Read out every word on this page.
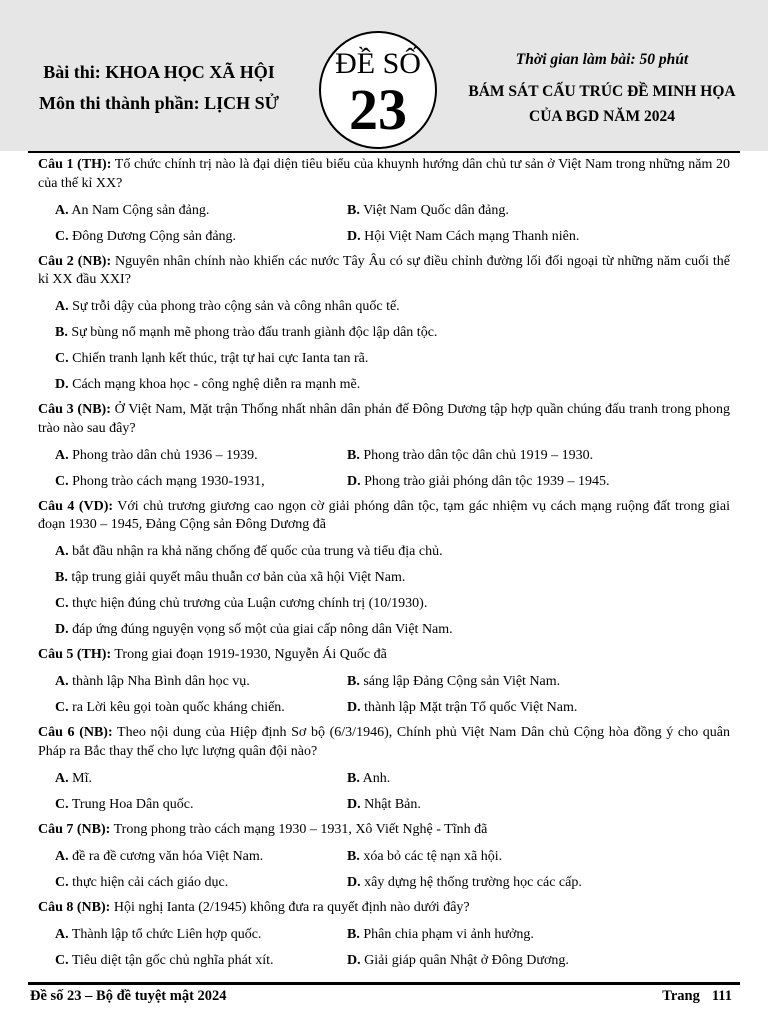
Bài thi: KHOA HỌC XÃ HỘI
Môn thi thành phần: LỊCH SỬ
ĐỀ SỐ
23
Thời gian làm bài: 50 phút
BÁM SÁT CẤU TRÚC ĐỀ MINH HỌA
CỦA BGD NĂM 2024

Câu 1 (TH): Tổ chức chính trị nào là đại diện tiêu biểu của khuynh hướng dân chủ tư sản ở Việt Nam trong những năm 20 của thế kỉ XX?

A. An Nam Cộng sản đảng.	B. Việt Nam Quốc dân đảng.
C. Đông Dương Cộng sản đảng.	D. Hội Việt Nam Cách mạng Thanh niên.

Câu 2 (NB): Nguyên nhân chính nào khiến các nước Tây Âu có sự điều chỉnh đường lối đối ngoại từ những năm cuối thế kỉ XX đầu XXI?

A. Sự trỗi dậy của phong trào cộng sản và công nhân quốc tế.
B. Sự bùng nổ mạnh mẽ phong trào đấu tranh giành độc lập dân tộc.
C. Chiến tranh lạnh kết thúc, trật tự hai cực Ianta tan rã.
D. Cách mạng khoa học - công nghệ diễn ra mạnh mẽ.

Câu 3 (NB): Ở Việt Nam, Mặt trận Thống nhất nhân dân phản đế Đông Dương tập hợp quần chúng đấu tranh trong phong trào nào sau đây?

A. Phong trào dân chủ 1936 – 1939.	B. Phong trào dân tộc dân chủ 1919 – 1930.
C. Phong trào cách mạng 1930-1931,	D. Phong trào giải phóng dân tộc 1939 – 1945.

Câu 4 (VD): Với chủ trương giương cao ngọn cờ giải phóng dân tộc, tạm gác nhiệm vụ cách mạng ruộng đất trong giai đoạn 1930 – 1945, Đảng Cộng sản Đông Dương đã

A. bắt đầu nhận ra khả năng chống đế quốc của trung và tiểu địa chủ.
B. tập trung giải quyết mâu thuẫn cơ bản của xã hội Việt Nam.
C. thực hiện đúng chủ trương của Luận cương chính trị (10/1930).
D. đáp ứng đúng nguyện vọng số một của giai cấp nông dân Việt Nam.

Câu 5 (TH): Trong giai đoạn 1919-1930, Nguyễn Ái Quốc đã

A. thành lập Nha Bình dân học vụ.	B. sáng lập Đảng Cộng sản Việt Nam.
C. ra Lời kêu gọi toàn quốc kháng chiến.	D. thành lập Mặt trận Tổ quốc Việt Nam.

Câu 6 (NB): Theo nội dung của Hiệp định Sơ bộ (6/3/1946), Chính phủ Việt Nam Dân chủ Cộng hòa đồng ý cho quân Pháp ra Bắc thay thế cho lực lượng quân đội nào?

A. Mĩ.	B. Anh.
C. Trung Hoa Dân quốc.	D. Nhật Bản.

Câu 7 (NB): Trong phong trào cách mạng 1930 – 1931, Xô Viết Nghệ - Tĩnh đã

A. đề ra đề cương văn hóa Việt Nam.	B. xóa bỏ các tệ nạn xã hội.
C. thực hiện cải cách giáo dục.	D. xây dựng hệ thống trường học các cấp.

Câu 8 (NB): Hội nghị Ianta (2/1945) không đưa ra quyết định nào dưới đây?

A. Thành lập tổ chức Liên hợp quốc.	B. Phân chia phạm vi ảnh hưởng.
C. Tiêu diệt tận gốc chủ nghĩa phát xít.	D. Giải giáp quân Nhật ở Đông Dương.
Đề số 23 – Bộ đề tuyệt mật 2024	Trang 111
